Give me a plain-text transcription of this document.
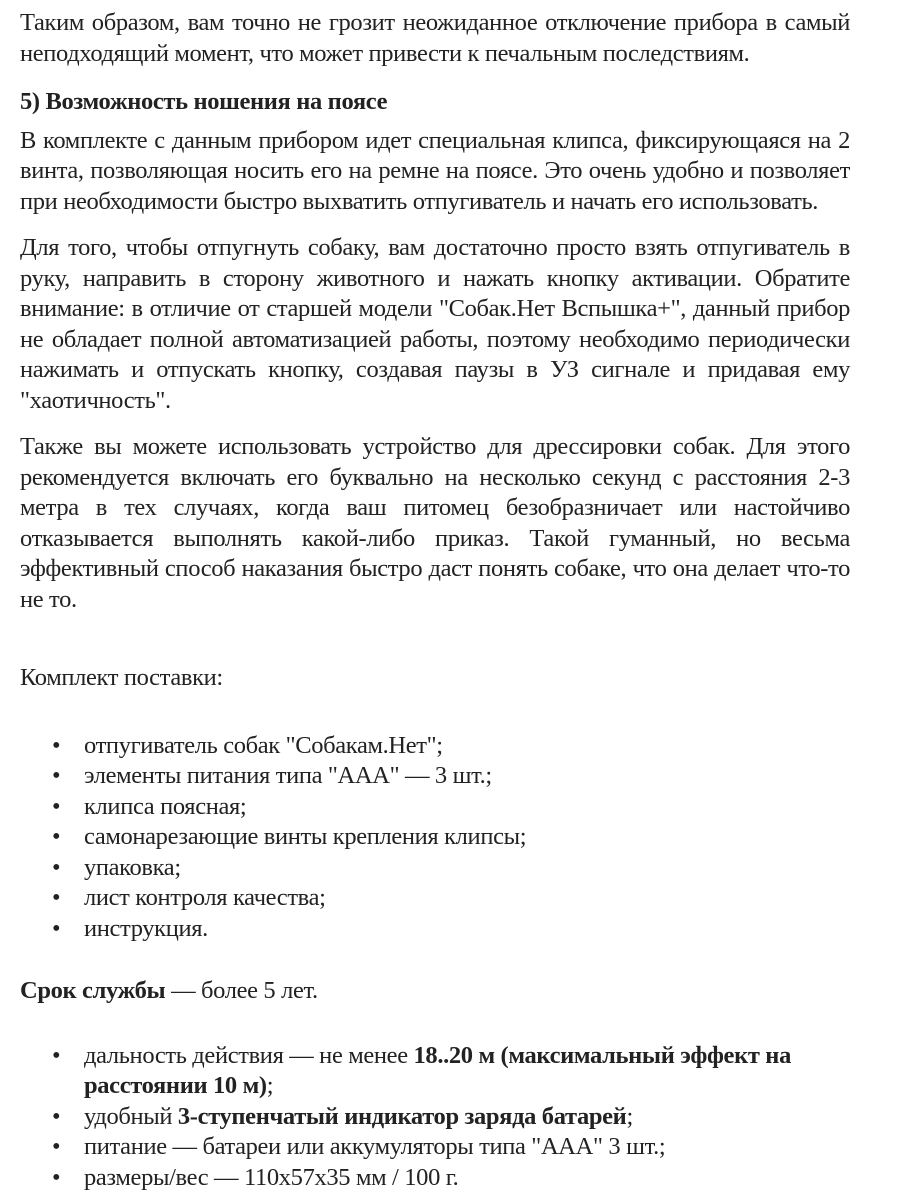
Таким образом, вам точно не грозит неожиданное отключение прибора в самый неподходящий момент, что может привести к печальным последствиям.

5) Возможность ношения на поясе

В комплекте с данным прибором идет специальная клипса, фиксирующаяся на 2 винта, позволяющая носить его на ремне на поясе. Это очень удобно и позволяет при необходимости быстро выхватить отпугиватель и начать его использовать.

Для того, чтобы отпугнуть собаку, вам достаточно просто взять отпугиватель в руку, направить в сторону животного и нажать кнопку активации. Обратите внимание: в отличие от старшей модели "Собак.Нет Вспышка+", данный прибор не обладает полной автоматизацией работы, поэтому необходимо периодически нажимать и отпускать кнопку, создавая паузы в УЗ сигнале и придавая ему "хаотичность".

Также вы можете использовать устройство для дрессировки собак. Для этого рекомендуется включать его буквально на несколько секунд с расстояния 2-3 метра в тех случаях, когда ваш питомец безобразничает или настойчиво отказывается выполнять какой-либо приказ. Такой гуманный, но весьма эффективный способ наказания быстро даст понять собаке, что она делает что-то не то.

Комплект поставки:

• отпугиватель собак "Собакам.Нет";
• элементы питания типа "ААА" — 3 шт.;
• клипса поясная;
• самонарезающие винты крепления клипсы;
• упаковка;
• лист контроля качества;
• инструкция.

Срок службы — более 5 лет.

• дальность действия — не менее 18..20 м (максимальный эффект на расстоянии 10 м);
• удобный 3-ступенчатый индикатор заряда батарей;
• питание — батареи или аккумуляторы типа "ААА" 3 шт.;
• размеры/вес — 110x57x35 мм / 100 г.
